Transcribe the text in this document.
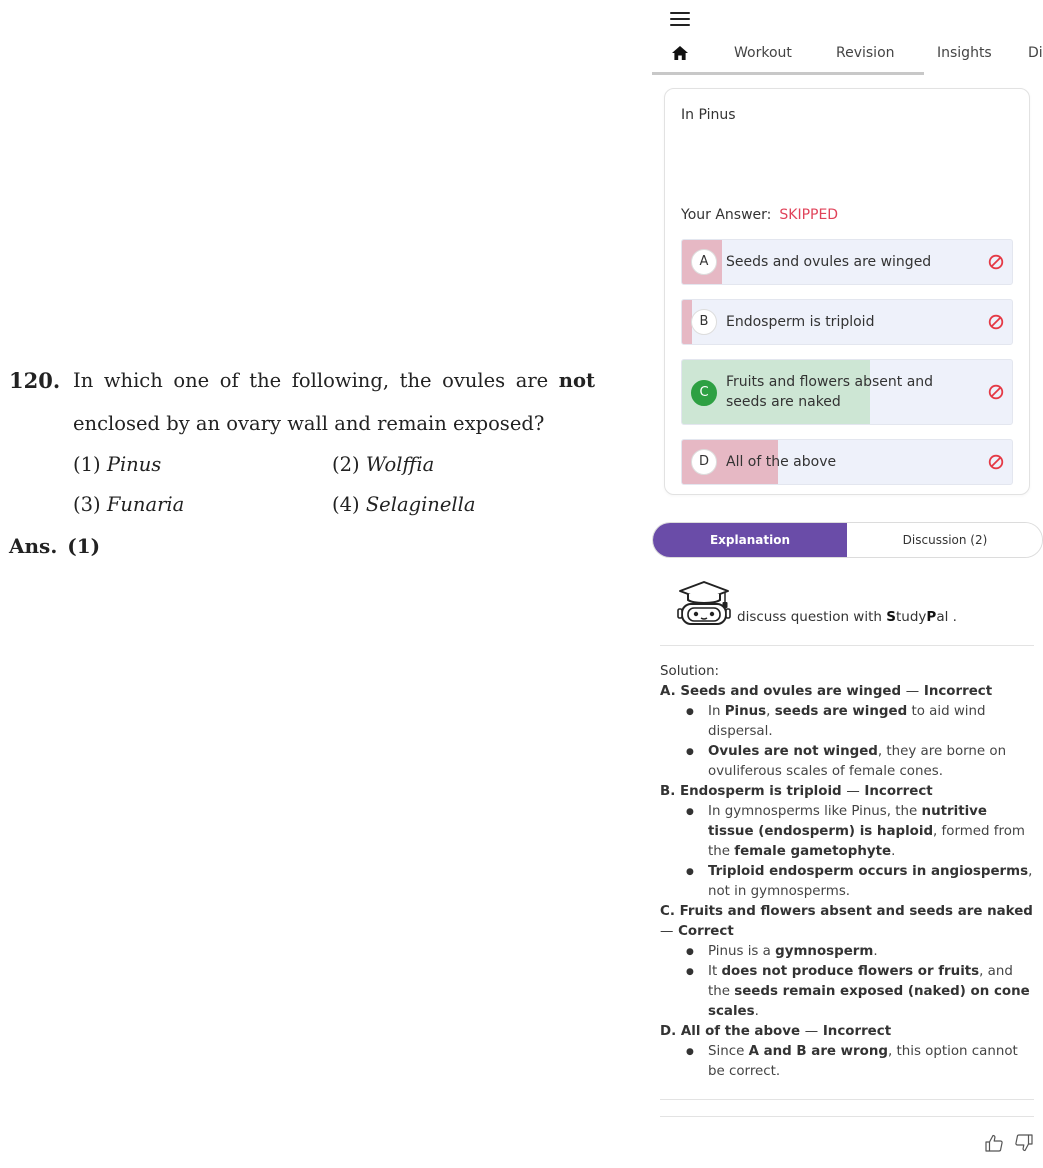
120. In which one of the following, the ovules are not
enclosed by an ovary wall and remain exposed?
(1) Pinus	(2) Wolffia
(3) Funaria	(4) Selaginella
Ans. (1)
Workout	Revision	Insights	Di
In Pinus
Your Answer: SKIPPED
A	Seeds and ovules are winged
B	Endosperm is triploid
C
Fruits and flowers absent and
seeds are naked
D	All of the above
Explanation	Discussion (2)
discuss question with StudyPal .
Solution:
A. Seeds and ovules are winged — Incorrect
● In Pinus, seeds are winged to aid wind dispersal.
● Ovules are not winged, they are borne on ovuliferous scales of female cones.
B. Endosperm is triploid — Incorrect
● In gymnosperms like Pinus, the nutritive tissue (endosperm) is haploid, formed from the female gametophyte.
● Triploid endosperm occurs in angiosperms, not in gymnosperms.
C. Fruits and flowers absent and seeds are naked — Correct
● Pinus is a gymnosperm.
● It does not produce flowers or fruits, and the seeds remain exposed (naked) on cone scales.
D. All of the above — Incorrect
● Since A and B are wrong, this option cannot be correct.
